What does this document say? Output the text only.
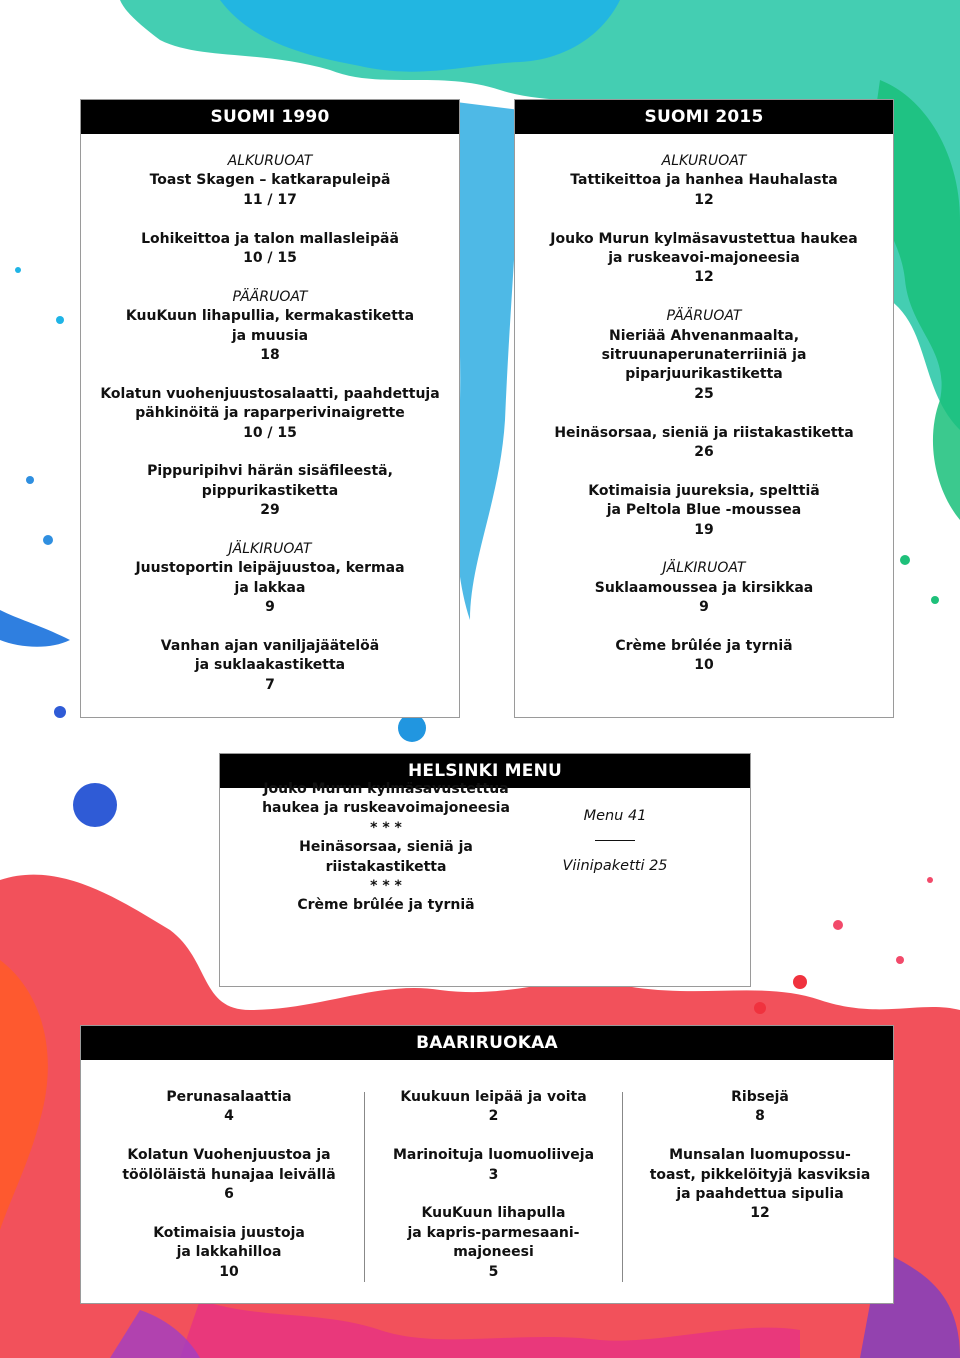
SUOMI 1990
ALKURUOAT
Toast Skagen – katkarapuleipä
11 / 17
Lohikeittoa ja talon mallasleipää
10 / 15
PÄÄRUOAT
KuuKuun lihapullia, kermakastiketta
ja muusia
18
Kolatun vuohenjuustosalaatti, paahdettuja
pähkinöitä ja raparperivinaigrette
10 / 15
Pippuripihvi härän sisäfileestä,
pippurikastiketta
29
JÄLKIRUOAT
Juustoportin leipäjuustoa, kermaa
ja lakkaa
9
Vanhan ajan vaniljajäätelöä
ja suklaakastiketta
7
SUOMI 2015
ALKURUOAT
Tattikeittoa ja hanhea Hauhalasta
12
Jouko Murun kylmäsavustettua haukea
ja ruskeavoi-majoneesia
12
PÄÄRUOAT
Nieriää Ahvenanmaalta,
sitruunaperunaterriiniä ja
piparjuurikastiketta
25
Heinäsorsaa, sieniä ja riistakastiketta
26
Kotimaisia juureksia, spelttiä
ja Peltola Blue -moussea
19
JÄLKIRUOAT
Suklaamoussea ja kirsikkaa
9
Crème brûlée ja tyrniä
10
HELSINKI MENU
Jouko Murun kylmäsavustettua
haukea ja ruskeavoimajoneesia
* * *
Heinäsorsaa, sieniä ja
riistakastiketta
* * *
Crème brûlée ja tyrniä
Menu 41
Viinipaketti 25
BAARIRUOKAA
Perunasalaattia
4
Kolatun Vuohenjuustoa ja
töölöläistä hunajaa leivällä
6
Kotimaisia juustoja
ja lakkahilloa
10
Kuukuun leipää ja voita
2
Marinoituja luomuoliiveja
3
KuuKuun lihapulla
ja kapris-parmesaani-
majoneesi
5
Ribsejä
8
Munsalan luomupossu-
toast, pikkelöityjä kasviksia
ja paahdettua sipulia
12
